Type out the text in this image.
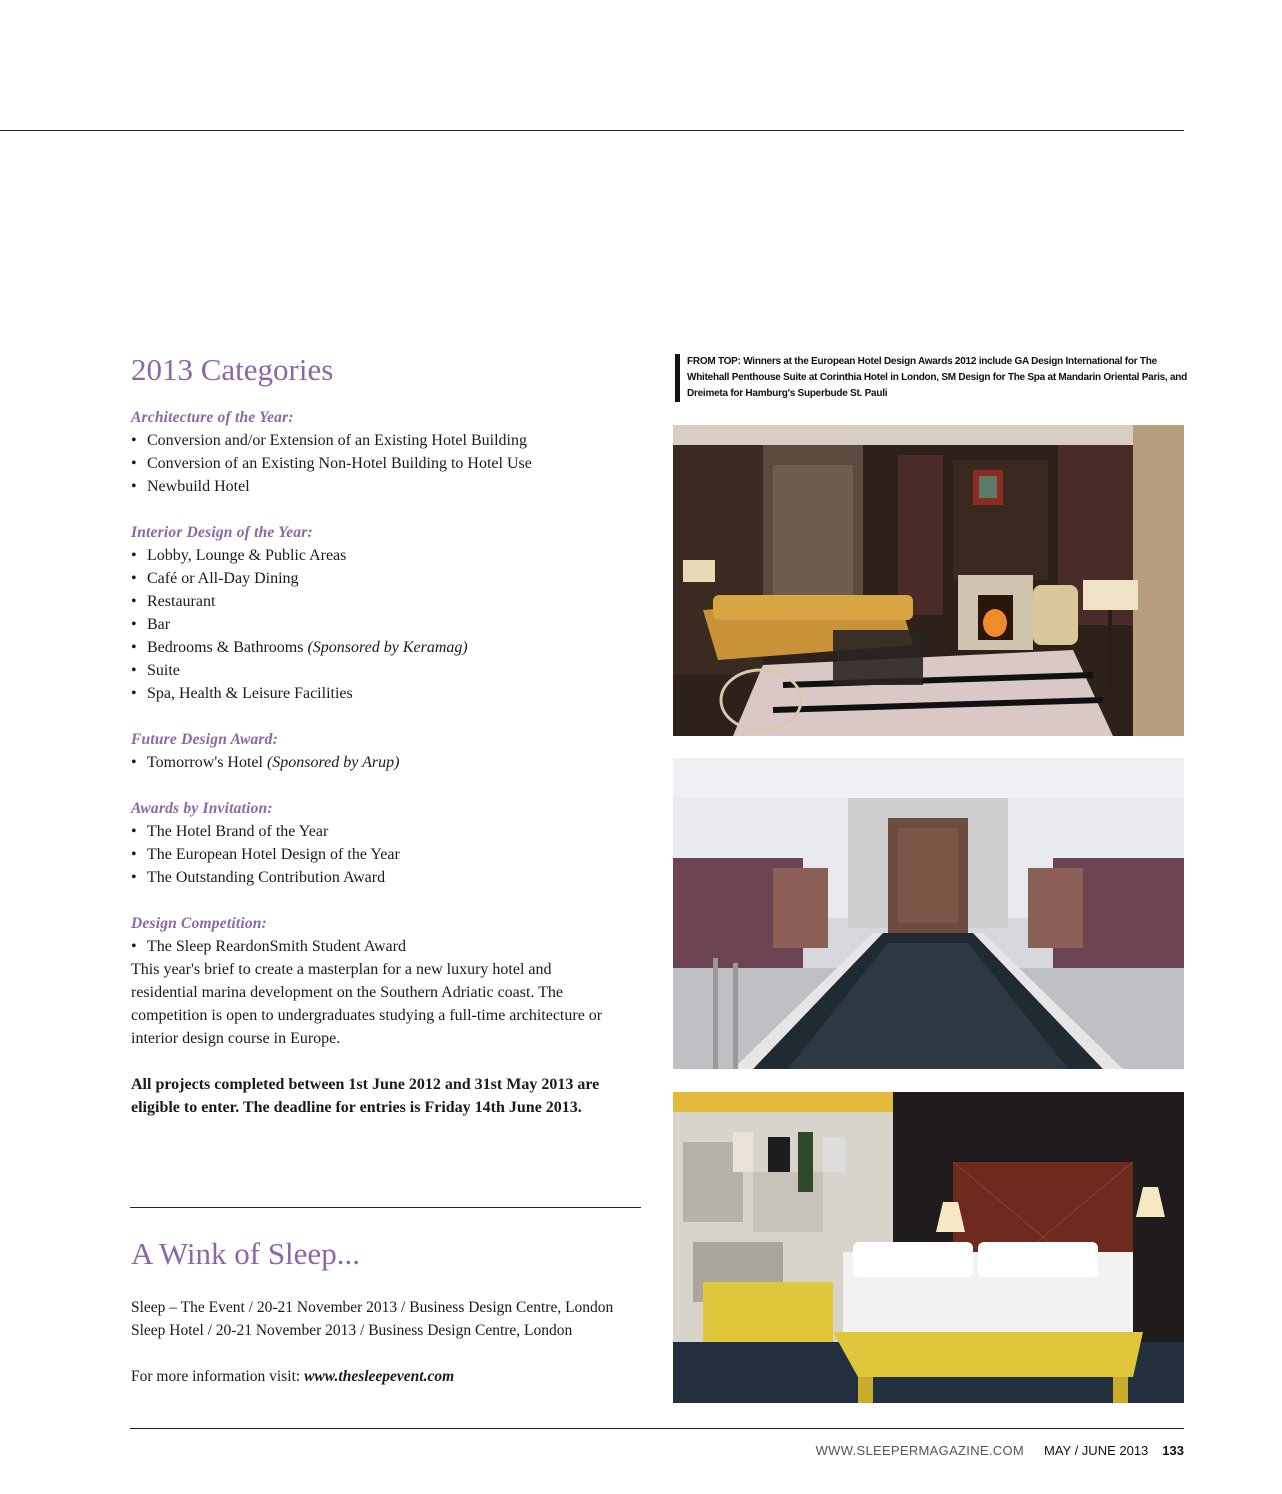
2013 Categories

Architecture of the Year:

• Conversion and/or Extension of an Existing Hotel Building
• Conversion of an Existing Non-Hotel Building to Hotel Use
• Newbuild Hotel

Interior Design of the Year:

• Lobby, Lounge & Public Areas
• Café or All-Day Dining
• Restaurant
• Bar
• Bedrooms & Bathrooms (Sponsored by Keramag)
• Suite
• Spa, Health & Leisure Facilities

Future Design Award:

• Tomorrow's Hotel (Sponsored by Arup)

Awards by Invitation:

• The Hotel Brand of the Year
• The European Hotel Design of the Year
• The Outstanding Contribution Award

Design Competition:

• The Sleep ReardonSmith Student Award

This year's brief to create a masterplan for a new luxury hotel and residential marina development on the Southern Adriatic coast. The competition is open to undergraduates studying a full-time architecture or interior design course in Europe.

All projects completed between 1st June 2012 and 31st May 2013 are eligible to enter. The deadline for entries is Friday 14th June 2013.

A Wink of Sleep...

Sleep – The Event / 20-21 November 2013 / Business Design Centre, London

Sleep Hotel / 20-21 November 2013 / Business Design Centre, London

For more information visit: www.thesleepevent.com

FROM TOP: Winners at the European Hotel Design Awards 2012 include GA Design International for The Whitehall Penthouse Suite at Corinthia Hotel in London, SM Design for The Spa at Mandarin Oriental Paris, and Dreimeta for Hamburg's Superbude St. Pauli
WWW.SLEEPERMAGAZINE.COM MAY / JUNE 2013 133
